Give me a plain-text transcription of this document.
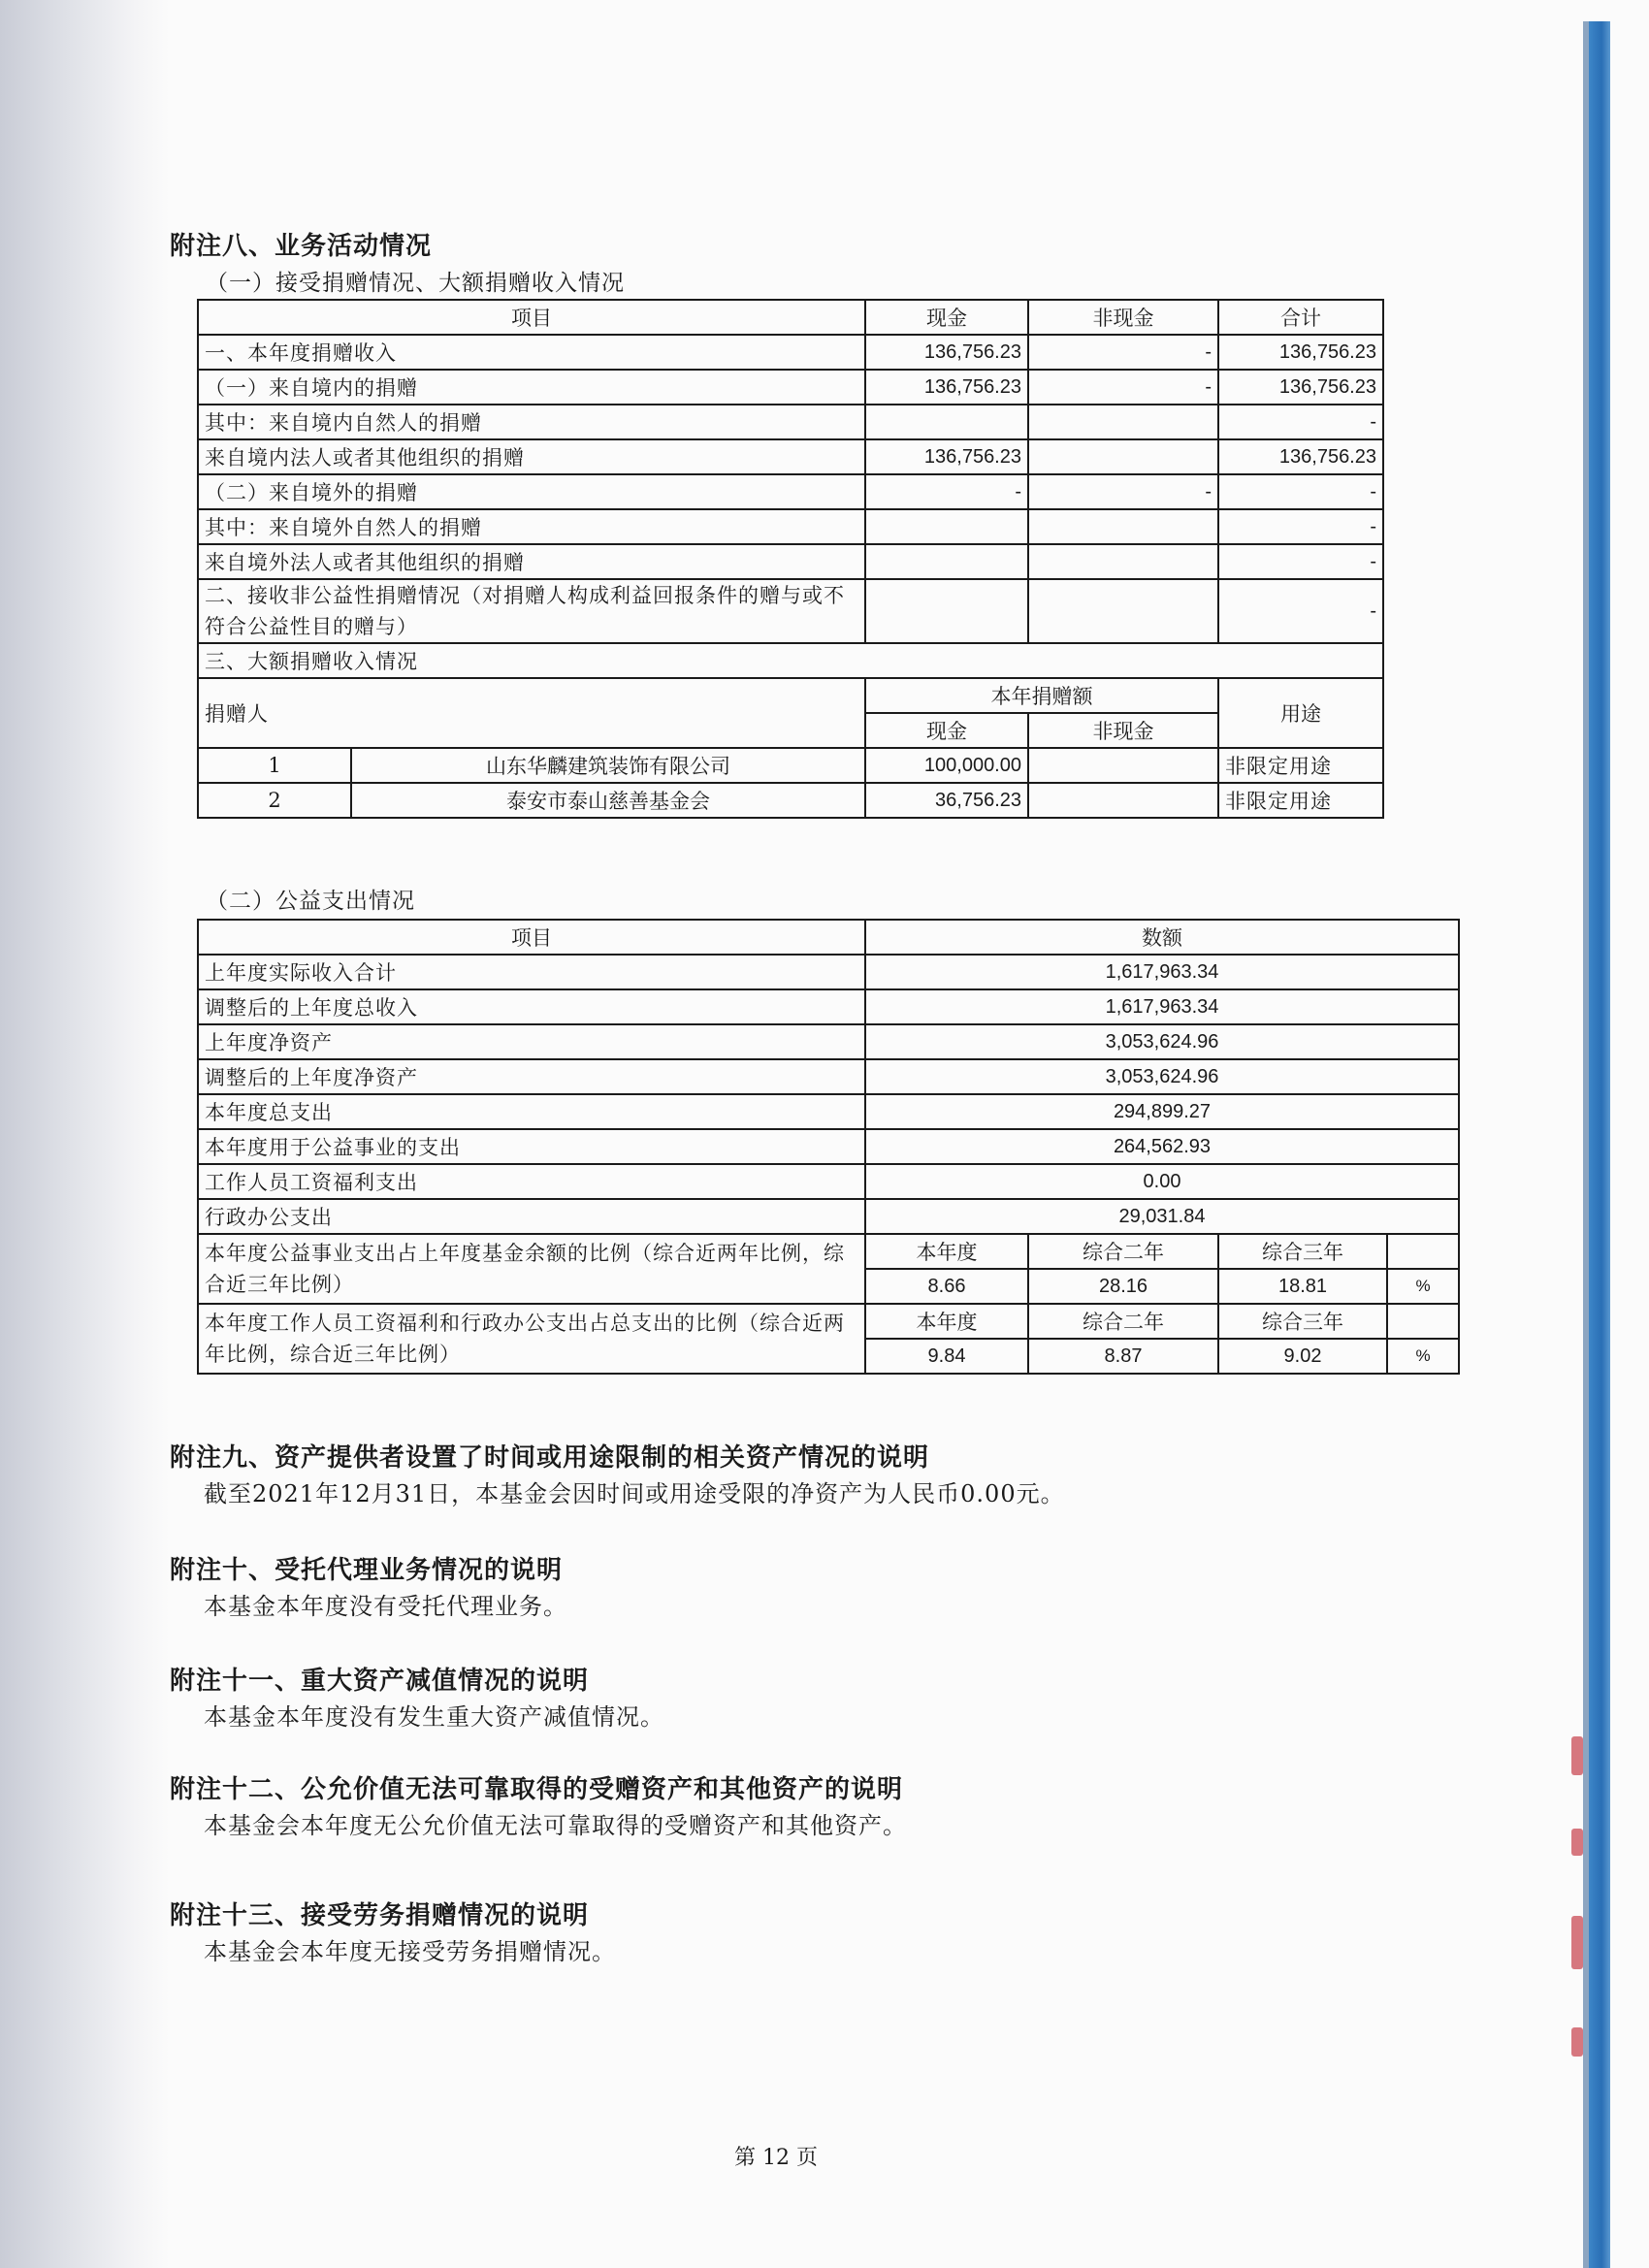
附注八、业务活动情况
（一）接受捐赠情况、大额捐赠收入情况
项目		现金	非现金	合计
一、本年度捐赠收入		136,756.23	-	136,756.23
（一）来自境内的捐赠		136,756.23	-	136,756.23
其中：来自境内自然人的捐赠				-
来自境内法人或者其他组织的捐赠		136,756.23		136,756.23
（二）来自境外的捐赠		-	-	-
其中：来自境外自然人的捐赠				-
来自境外法人或者其他组织的捐赠				-
二、接收非公益性捐赠情况（对捐赠人构成利益回报条件的赠与或不符合公益性目的赠与）				-
三、大额捐赠收入情况				
捐赠人		本年捐赠额		用途
		现金	非现金	
1	山东华麟建筑装饰有限公司	100,000.00		非限定用途
2	泰安市泰山慈善基金会	36,756.23		非限定用途
（二）公益支出情况
项目	数额			
上年度实际收入合计	1,617,963.34			
调整后的上年度总收入	1,617,963.34			
上年度净资产	3,053,624.96			
调整后的上年度净资产	3,053,624.96			
本年度总支出	294,899.27			
本年度用于公益事业的支出	264,562.93			
工作人员工资福利支出	0.00			
行政办公支出	29,031.84			
本年度公益事业支出占上年度基金余额的比例（综合近两年比例，综合近三年比例）	本年度	综合二年	综合三年	
	8.66	28.16	18.81	%
本年度工作人员工资福利和行政办公支出占总支出的比例（综合近两年比例，综合近三年比例）	本年度	综合二年	综合三年	
	9.84	8.87	9.02	%
附注九、资产提供者设置了时间或用途限制的相关资产情况的说明
截至2021年12月31日，本基金会因时间或用途受限的净资产为人民币0.00元。
附注十、受托代理业务情况的说明
本基金本年度没有受托代理业务。
附注十一、重大资产减值情况的说明
本基金本年度没有发生重大资产减值情况。
附注十二、公允价值无法可靠取得的受赠资产和其他资产的说明
本基金会本年度无公允价值无法可靠取得的受赠资产和其他资产。
附注十三、接受劳务捐赠情况的说明
本基金会本年度无接受劳务捐赠情况。
第 12 页
